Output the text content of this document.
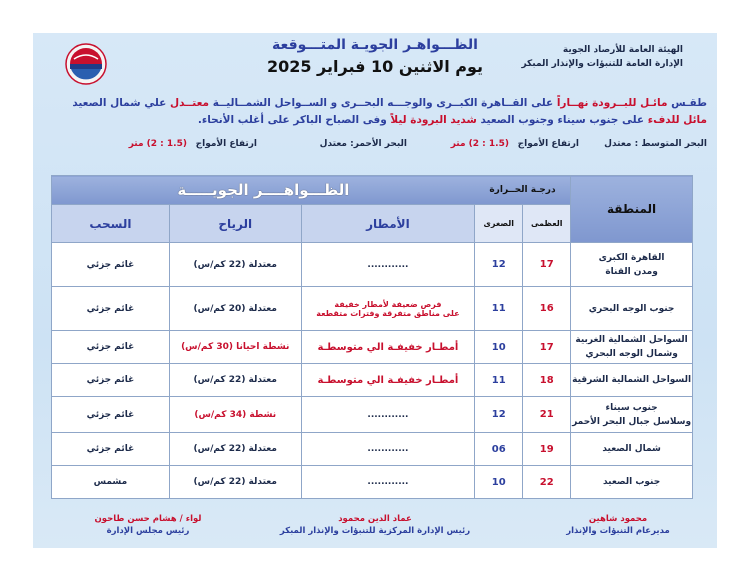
الظـــواهـر الجويـة المتـــوقعة
يوم الاثنين 10 فبراير 2025
الهيئة العامة للأرصاد الجوية
الإدارة العامة للتنبؤات والإنذار المبكر
طقـس مائـل للبــرودة نهــاراً على القــاهرة الكبــرى والوجـــه البحــرى و الســواحل الشمــاليــة معتــدل علي شمال الصعيد
مائل للدفء على جنوب سيناء وجنوب الصعيد شديد البرودة ليلاً وفى الصباح الباكر على أغلب الأنحاء.
البحر المتوسط : معتدل
ارتفاع الأمواج
(1.5 : 2) متر
البحر الأحمر: معتدل
ارتفاع الأمواج
(1.5 : 2) متر
المنطقة	درجـة الحــرارة		الظـــواهــــر الجويـــــة		
	العظمى	الصغرى	الأمطار	الرياح	السحب
القاهرة الكبرى
ومدن القناة	17	12	............	معتدلة (22 كم/س)	غائم جزئي
جنوب الوجه البحري	16	11	فرص ضعيفة لأمطار خفيفة
على مناطق متفرقة وفترات متقطعة	معتدلة (20 كم/س)	غائم جزئي
السواحل الشمالية الغربية
وشمال الوجه البحري	17	10	أمطـار خفيفـة الي متوسطـة	نشطة احيانا (30 كم/س)	غائم جزئي
السواحل الشمالية الشرقية	18	11	أمطـار خفيفـة الي متوسطـة	معتدلة (22 كم/س)	غائم جزئي
جنوب سيناء
وسلاسل جبال البحر الأحمر	21	12	............	نشطة (34 كم/س)	غائم جزئي
شمال الصعيد	19	06	............	معتدلة (22 كم/س)	غائم جزئي
جنوب الصعيد	22	10	............	معتدلة (22 كم/س)	مشمس
محمود شاهين
مديرعام التنبؤات والإنذار
عماد الدين محمود
رئيس الإدارة المركزية للتنبؤات والإنذار المبكر
لواء / هشام حسن طاحون
رئيس مجلس الإدارة
